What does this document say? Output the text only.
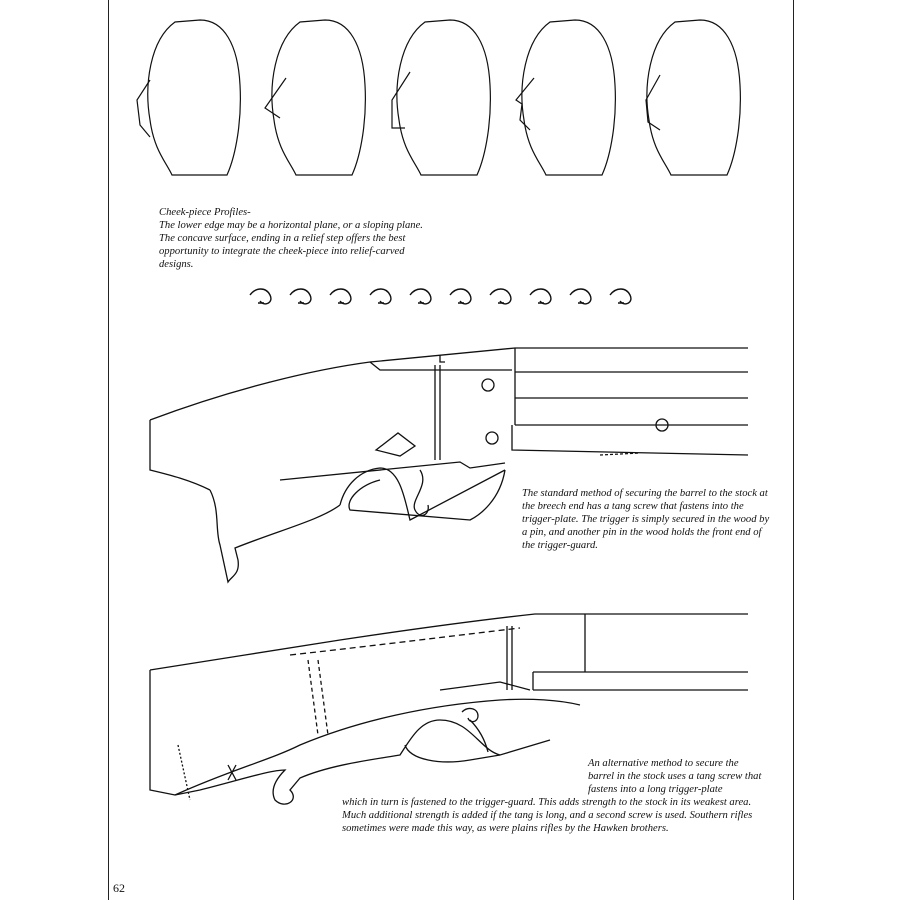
Cheek-piece Profiles-
The lower edge may be a horizontal plane, or a sloping plane. The concave surface, ending in a relief step offers the best opportunity to integrate the cheek-piece into relief-carved designs.
The standard method of securing the barrel to the stock at the breech end has a tang screw that fastens into the trigger-plate. The trigger is simply secured in the wood by a pin, and another pin in the wood holds the front end of the trigger-guard.
An alternative method to secure the barrel in the stock uses a tang screw that fastens into a long trigger-plate
which in turn is fastened to the trigger-guard. This adds strength to the stock in its weakest area. Much additional strength is added if the tang is long, and a second screw is used. Southern rifles sometimes were made this way, as were plains rifles by the Hawken brothers.
62
